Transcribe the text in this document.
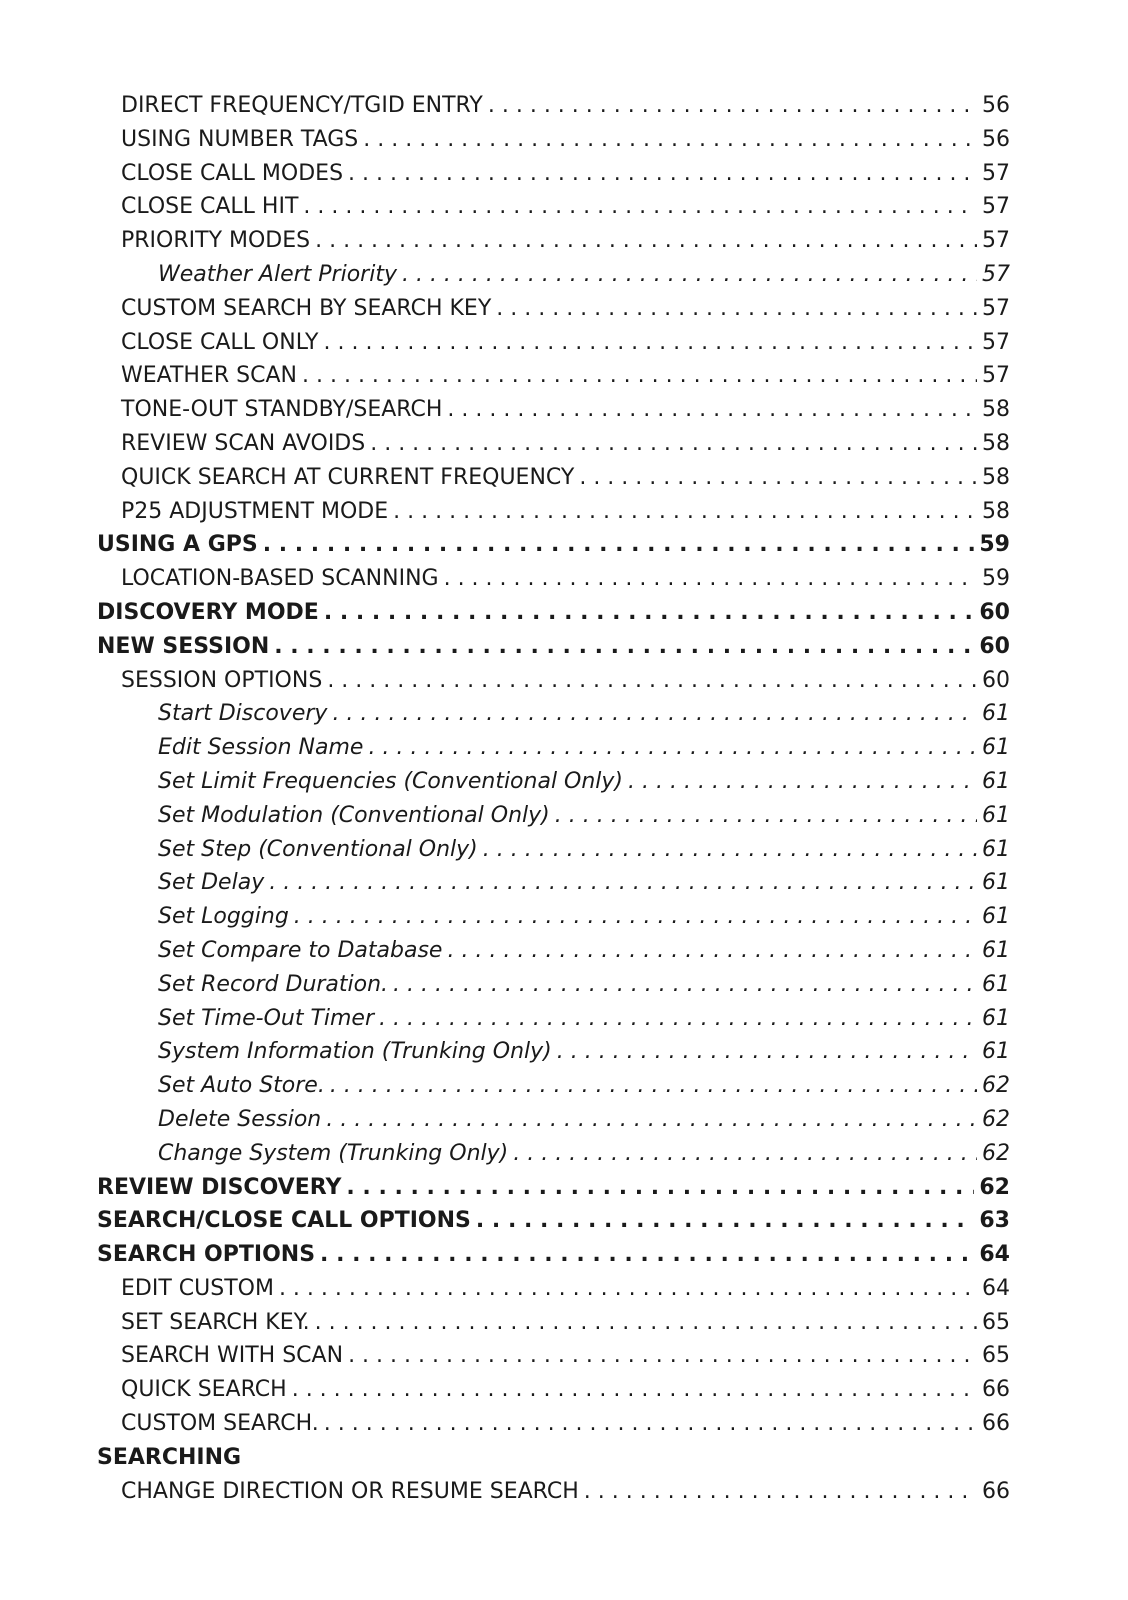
DIRECT FREQUENCY/TGID ENTRY . . .	56
USING NUMBER TAGS . . .	56
CLOSE CALL MODES . . .	57
CLOSE CALL HIT . . .	57
PRIORITY MODES . . .	57
Weather Alert Priority . . .	57
CUSTOM SEARCH BY SEARCH KEY . . .	57
CLOSE CALL ONLY . . .	57
WEATHER SCAN . . .	57
TONE-OUT STANDBY/SEARCH . . .	58
REVIEW SCAN AVOIDS . . .	58
QUICK SEARCH AT CURRENT FREQUENCY . . .	58
P25 ADJUSTMENT MODE . . .	58
USING A GPS . . .	59
LOCATION-BASED SCANNING . . .	59
DISCOVERY MODE . . .	60
NEW SESSION . . .	60
SESSION OPTIONS . . .	60
Start Discovery . . .	61
Edit Session Name . . .	61
Set Limit Frequencies (Conventional Only) . . .	61
Set Modulation (Conventional Only) . . .	61
Set Step (Conventional Only) . . .	61
Set Delay . . .	61
Set Logging . . .	61
Set Compare to Database . . .	61
Set Record Duration. . . .	61
Set Time-Out Timer . . .	61
System Information (Trunking Only) . . .	61
Set Auto Store. . . .	62
Delete Session . . .	62
Change System (Trunking Only) . . .	62
REVIEW DISCOVERY . . .	62
SEARCH/CLOSE CALL OPTIONS . . .	63
SEARCH OPTIONS . . .	64
EDIT CUSTOM . . .	64
SET SEARCH KEY. . . .	65
SEARCH WITH SCAN . . .	65
QUICK SEARCH . . .	66
CUSTOM SEARCH. . . .	66
SEARCHING
CHANGE DIRECTION OR RESUME SEARCH . . .	66
